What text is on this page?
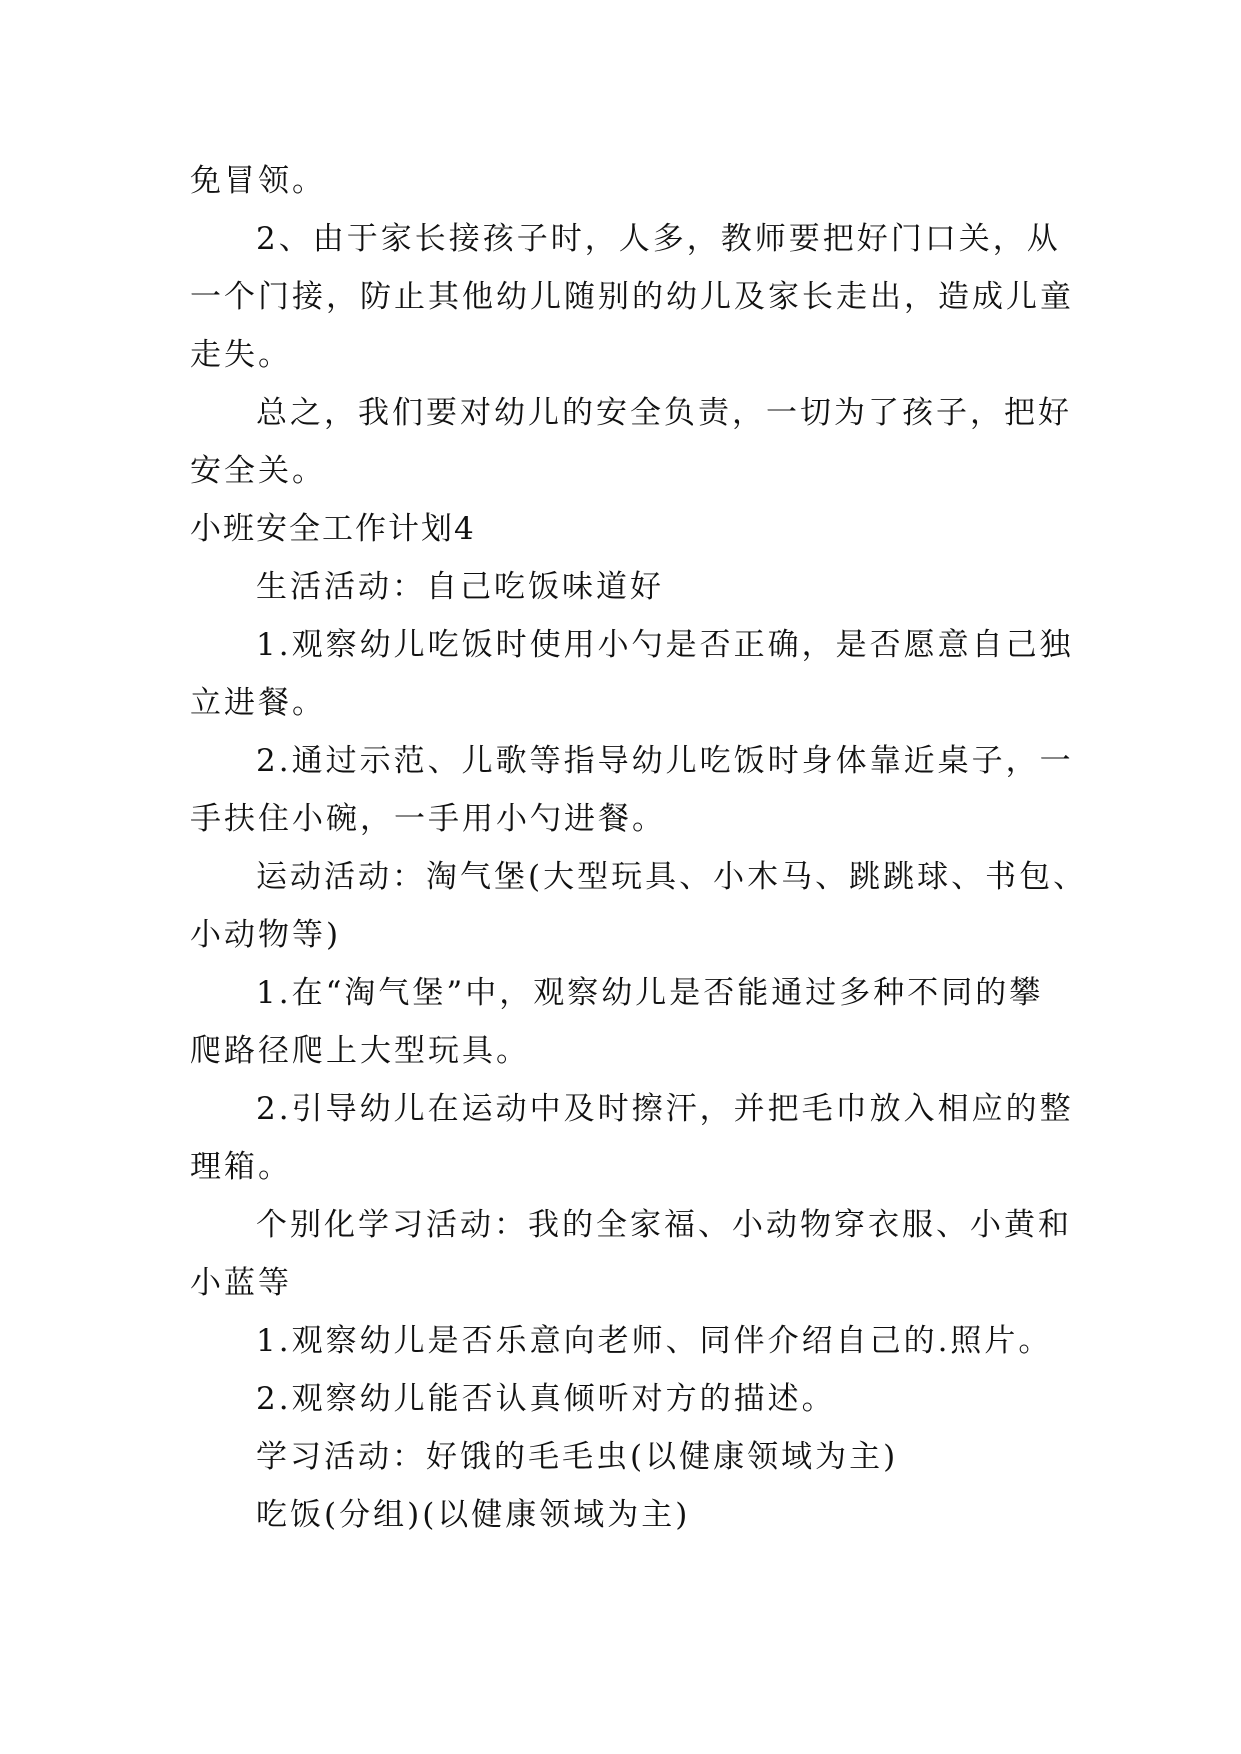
免冒领。

2、由于家长接孩子时，人多，教师要把好门口关，从

一个门接，防止其他幼儿随别的幼儿及家长走出，造成儿童

走失。

总之，我们要对幼儿的安全负责，一切为了孩子，把好

安全关。

小班安全工作计划4

生活活动：自己吃饭味道好

1.观察幼儿吃饭时使用小勺是否正确，是否愿意自己独

立进餐。

2.通过示范、儿歌等指导幼儿吃饭时身体靠近桌子，一

手扶住小碗，一手用小勺进餐。

运动活动：淘气堡(大型玩具、小木马、跳跳球、书包、

小动物等)

1.在“淘气堡”中，观察幼儿是否能通过多种不同的攀

爬路径爬上大型玩具。

2.引导幼儿在运动中及时擦汗，并把毛巾放入相应的整

理箱。

个别化学习活动：我的全家福、小动物穿衣服、小黄和

小蓝等

1.观察幼儿是否乐意向老师、同伴介绍自己的.照片。

2.观察幼儿能否认真倾听对方的描述。

学习活动：好饿的毛毛虫(以健康领域为主)

吃饭(分组)(以健康领域为主)
